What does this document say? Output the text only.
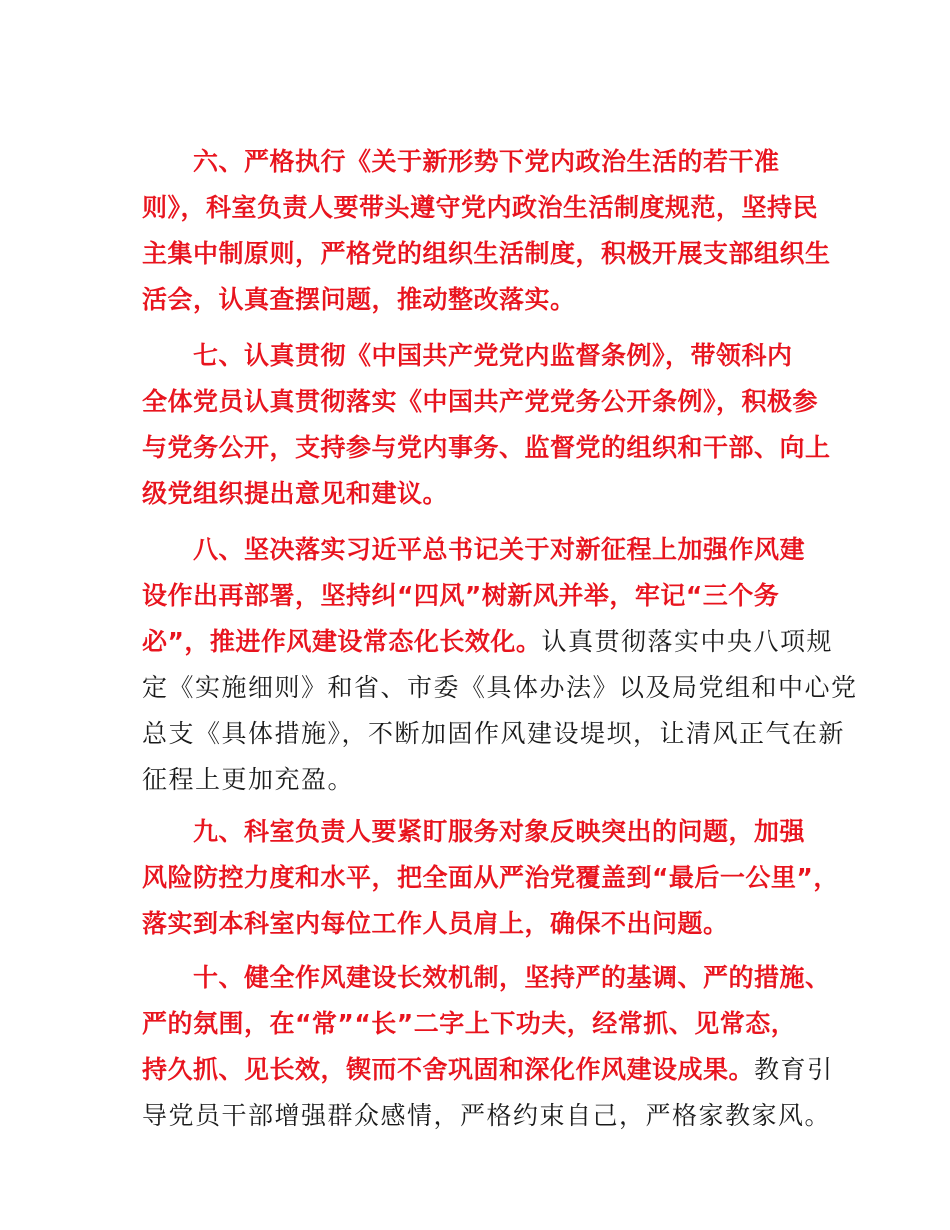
六、严格执行《关于新形势下党内政治生活的若干准

则》，科室负责人要带头遵守党内政治生活制度规范，坚持民

主集中制原则，严格党的组织生活制度，积极开展支部组织生

活会，认真查摆问题，推动整改落实。

七、认真贯彻《中国共产党党内监督条例》，带领科内

全体党员认真贯彻落实《中国共产党党务公开条例》，积极参

与党务公开，支持参与党内事务、监督党的组织和干部、向上

级党组织提出意见和建议。

八、坚决落实习近平总书记关于对新征程上加强作风建

设作出再部署，坚持纠“四风”树新风并举，牢记“三个务

必”，推进作风建设常态化长效化。认真贯彻落实中央八项规

定《实施细则》和省、市委《具体办法》以及局党组和中心党

总支《具体措施》，不断加固作风建设堤坝，让清风正气在新

征程上更加充盈。

九、科室负责人要紧盯服务对象反映突出的问题，加强

风险防控力度和水平，把全面从严治党覆盖到“最后一公里”，

落实到本科室内每位工作人员肩上，确保不出问题。

十、健全作风建设长效机制，坚持严的基调、严的措施、

严的氛围，在“常”“长”二字上下功夫，经常抓、见常态，

持久抓、见长效，锲而不舍巩固和深化作风建设成果。教育引

导党员干部增强群众感情，严格约束自己，严格家教家风。
